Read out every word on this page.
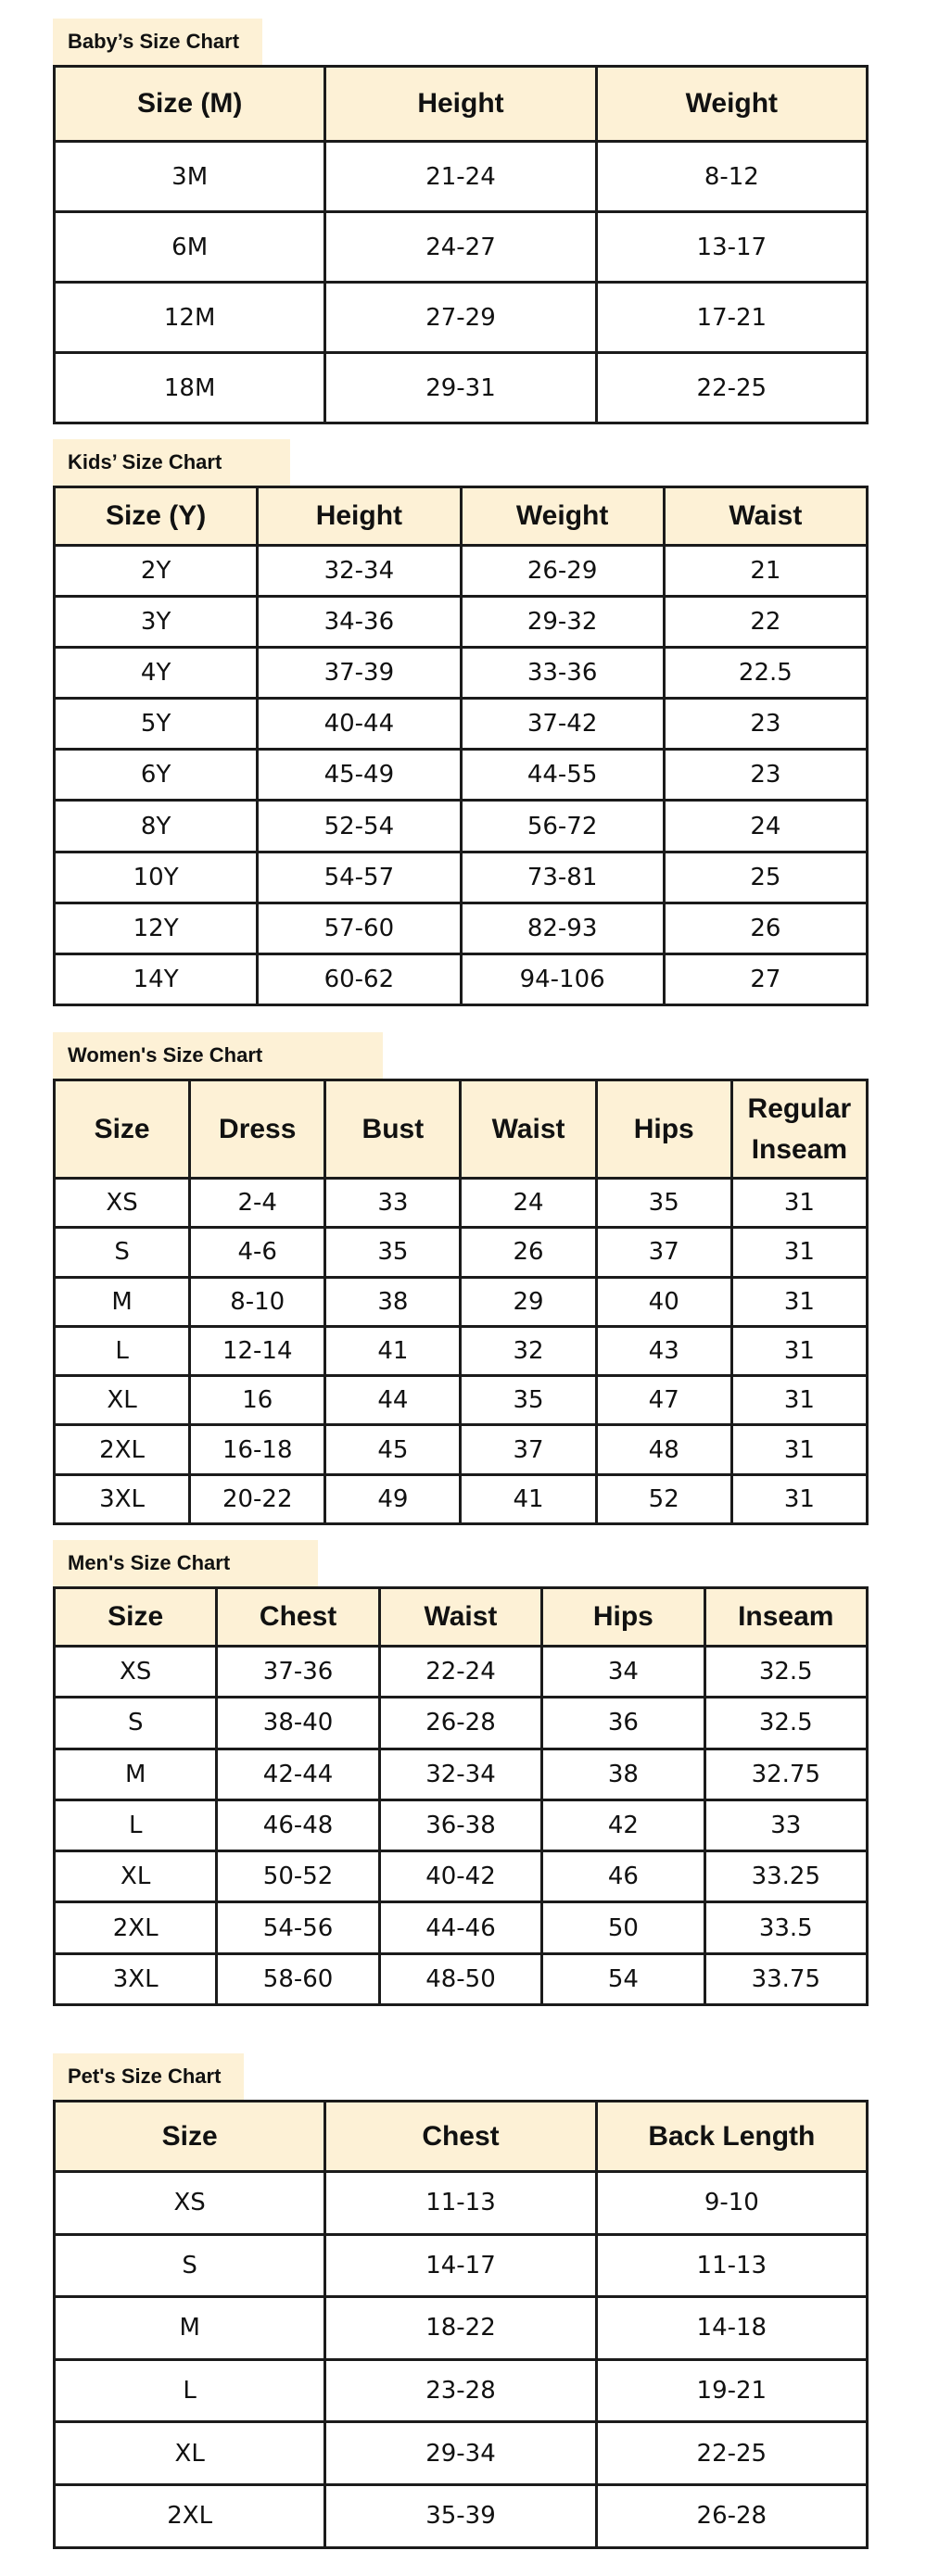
Baby’s Size Chart
Size (M)	Height	Weight
3M	21-24	8-12
6M	24-27	13-17
12M	27-29	17-21
18M	29-31	22-25
Kids’ Size Chart
Size (Y)	Height	Weight	Waist
2Y	32-34	26-29	21
3Y	34-36	29-32	22
4Y	37-39	33-36	22.5
5Y	40-44	37-42	23
6Y	45-49	44-55	23
8Y	52-54	56-72	24
10Y	54-57	73-81	25
12Y	57-60	82-93	26
14Y	60-62	94-106	27
Women's Size Chart
Size	Dress	Bust	Waist	Hips	Regular Inseam
XS	2-4	33	24	35	31
S	4-6	35	26	37	31
M	8-10	38	29	40	31
L	12-14	41	32	43	31
XL	16	44	35	47	31
2XL	16-18	45	37	48	31
3XL	20-22	49	41	52	31
Men's Size Chart
Size	Chest	Waist	Hips	Inseam
XS	37-36	22-24	34	32.5
S	38-40	26-28	36	32.5
M	42-44	32-34	38	32.75
L	46-48	36-38	42	33
XL	50-52	40-42	46	33.25
2XL	54-56	44-46	50	33.5
3XL	58-60	48-50	54	33.75
Pet's Size Chart
Size	Chest	Back Length
XS	11-13	9-10
S	14-17	11-13
M	18-22	14-18
L	23-28	19-21
XL	29-34	22-25
2XL	35-39	26-28
